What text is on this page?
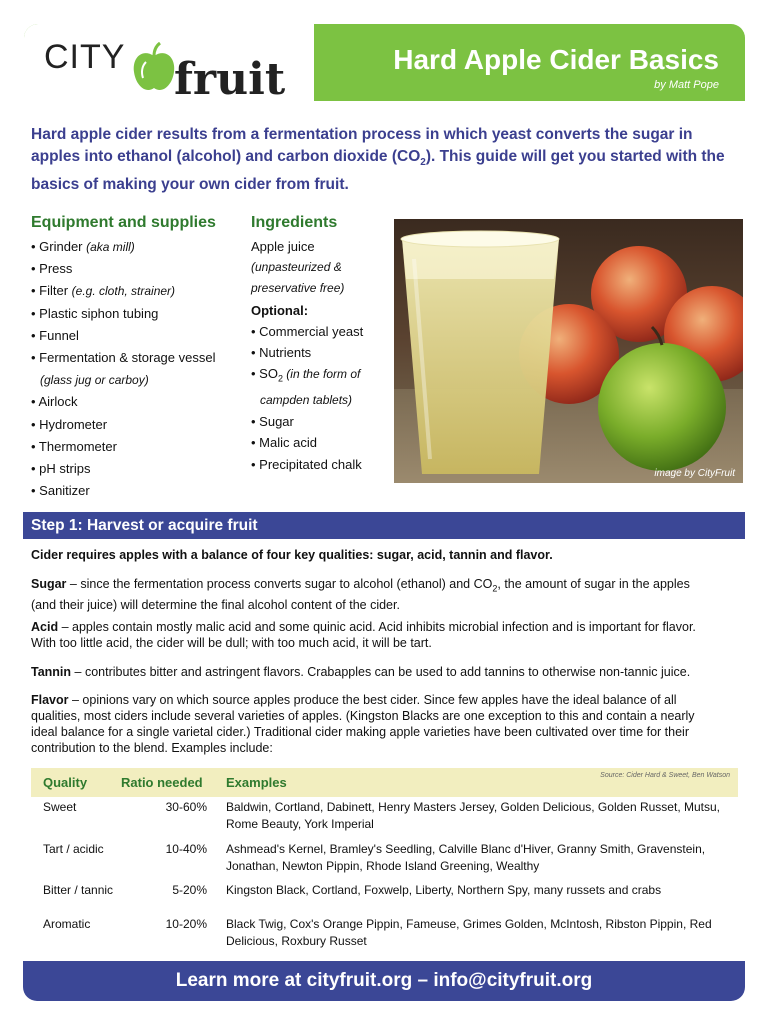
CITY fruit	Hard Apple Cider Basics
by Matt Pope
Hard apple cider results from a fermentation process in which yeast converts the sugar in apples into ethanol (alcohol) and carbon dioxide $(CO_2)$. This guide will get you started with the basics of making your own cider from fruit.
Equipment and supplies
• Grinder (aka mill)
• Press
• Filter (e.g. cloth, strainer)
• Plastic siphon tubing
• Funnel
• Fermentation & storage vessel
(glass jug or carboy)
• Airlock
• Hydrometer
• Thermometer
• pH strips
• Sanitizer
Ingredients
Apple juice
(unpasteurized &
preservative free)
Optional:
• Commercial yeast
• Nutrients
• $SO_2$ (in the form of
campden tablets)
• Sugar
• Malic acid
• Precipitated chalk
image by CityFruit
Step 1: Harvest or acquire fruit
Cider requires apples with a balance of four key qualities: sugar, acid, tannin and flavor.
Sugar – since the fermentation process converts sugar to alcohol (ethanol) and $CO_2$, the amount of sugar in the apples (and their juice) will determine the final alcohol content of the cider.
Acid – apples contain mostly malic acid and some quinic acid. Acid inhibits microbial infection and is important for flavor. With too little acid, the cider will be dull; with too much acid, it will be tart.
Tannin – contributes bitter and astringent flavors. Crabapples can be used to add tannins to otherwise non-tannic juice.
Flavor – opinions vary on which source apples produce the best cider. Since few apples have the ideal balance of all qualities, most ciders include several varieties of apples. (Kingston Blacks are one exception to this and contain a nearly ideal balance for a single varietal cider.) Traditional cider making apple varieties have been cultivated over time for their contribution to the blend. Examples include:
Quality	Ratio needed Examples	Source: Cider Hard & Sweet, Ben Watson
Sweet	30-60% Baldwin, Cortland, Dabinett, Henry Masters Jersey, Golden Delicious, Golden Russet, Mutsu, Rome Beauty, York Imperial
Tart / acidic	10-40% Ashmead's Kernel, Bramley's Seedling, Calville Blanc d'Hiver, Granny Smith, Gravenstein, Jonathan, Newton Pippin, Rhode Island Greening, Wealthy
Bitter / tannic	5-20% Kingston Black, Cortland, Foxwelp, Liberty, Northern Spy, many russets and crabs
Aromatic	10-20% Black Twig, Cox's Orange Pippin, Fameuse, Grimes Golden, McIntosh, Ribston Pippin, Red Delicious, Roxbury Russet
Learn more at cityfruit.org – info@cityfruit.org
